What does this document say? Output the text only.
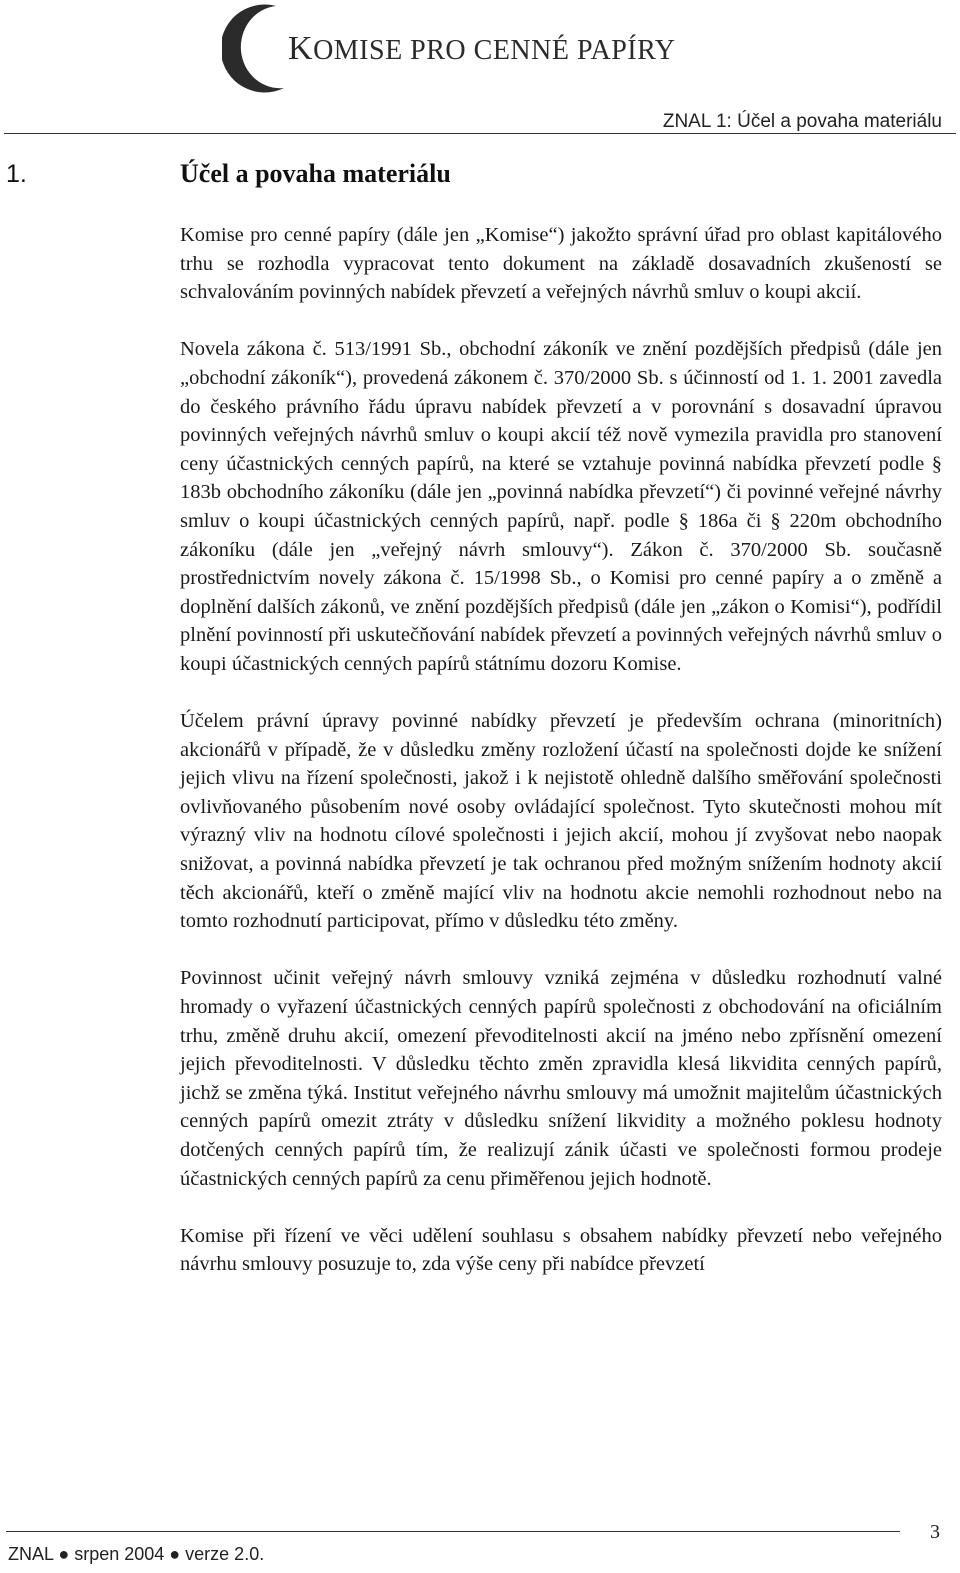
KOMISE PRO CENNÉ PAPÍRY
ZNAL 1: Účel a povaha materiálu
1.	Účel a povaha materiálu

Komise pro cenné papíry (dále jen „Komise“) jakožto správní úřad pro oblast kapitálového trhu se rozhodla vypracovat tento dokument na základě dosavadních zkušeností se schvalováním povinných nabídek převzetí a veřejných návrhů smluv o koupi akcií.

Novela zákona č. 513/1991 Sb., obchodní zákoník ve znění pozdějších předpisů (dále jen „obchodní zákoník“), provedená zákonem č. 370/2000 Sb. s účinností od 1. 1. 2001 zavedla do českého právního řádu úpravu nabídek převzetí a v porovnání s dosavadní úpravou povinných veřejných návrhů smluv o koupi akcií též nově vymezila pravidla pro stanovení ceny účastnických cenných papírů, na které se vztahuje povinná nabídka převzetí podle § 183b obchodního zákoníku (dále jen „povinná nabídka převzetí“) či povinné veřejné návrhy smluv o koupi účastnických cenných papírů, např. podle § 186a či § 220m obchodního zákoníku (dále jen „veřejný návrh smlouvy“). Zákon č. 370/2000 Sb. současně prostřednictvím novely zákona č. 15/1998 Sb., o Komisi pro cenné papíry a o změně a doplnění dalších zákonů, ve znění pozdějších předpisů (dále jen „zákon o Komisi“), podřídil plnění povinností při uskutečňování nabídek převzetí a povinných veřejných návrhů smluv o koupi účastnických cenných papírů státnímu dozoru Komise.

Účelem právní úpravy povinné nabídky převzetí je především ochrana (minoritních) akcionářů v případě, že v důsledku změny rozložení účastí na společnosti dojde ke snížení jejich vlivu na řízení společnosti, jakož i k nejistotě ohledně dalšího směřování společnosti ovlivňovaného působením nové osoby ovládající společnost. Tyto skutečnosti mohou mít výrazný vliv na hodnotu cílové společnosti i jejich akcií, mohou jí zvyšovat nebo naopak snižovat, a povinná nabídka převzetí je tak ochranou před možným snížením hodnoty akcií těch akcionářů, kteří o změně mající vliv na hodnotu akcie nemohli rozhodnout nebo na tomto rozhodnutí participovat, přímo v důsledku této změny.

Povinnost učinit veřejný návrh smlouvy vzniká zejména v důsledku rozhodnutí valné hromady o vyřazení účastnických cenných papírů společnosti z obchodování na oficiálním trhu, změně druhu akcií, omezení převoditelnosti akcií na jméno nebo zpřísnění omezení jejich převoditelnosti. V důsledku těchto změn zpravidla klesá likvidita cenných papírů, jichž se změna týká. Institut veřejného návrhu smlouvy má umožnit majitelům účastnických cenných papírů omezit ztráty v důsledku snížení likvidity a možného poklesu hodnoty dotčených cenných papírů tím, že realizují zánik účasti ve společnosti formou prodeje účastnických cenných papírů za cenu přiměřenou jejich hodnotě.

Komise při řízení ve věci udělení souhlasu s obsahem nabídky převzetí nebo veřejného návrhu smlouvy posuzuje to, zda výše ceny při nabídce převzetí

3
ZNAL ● srpen 2004 ● verze 2.0.
